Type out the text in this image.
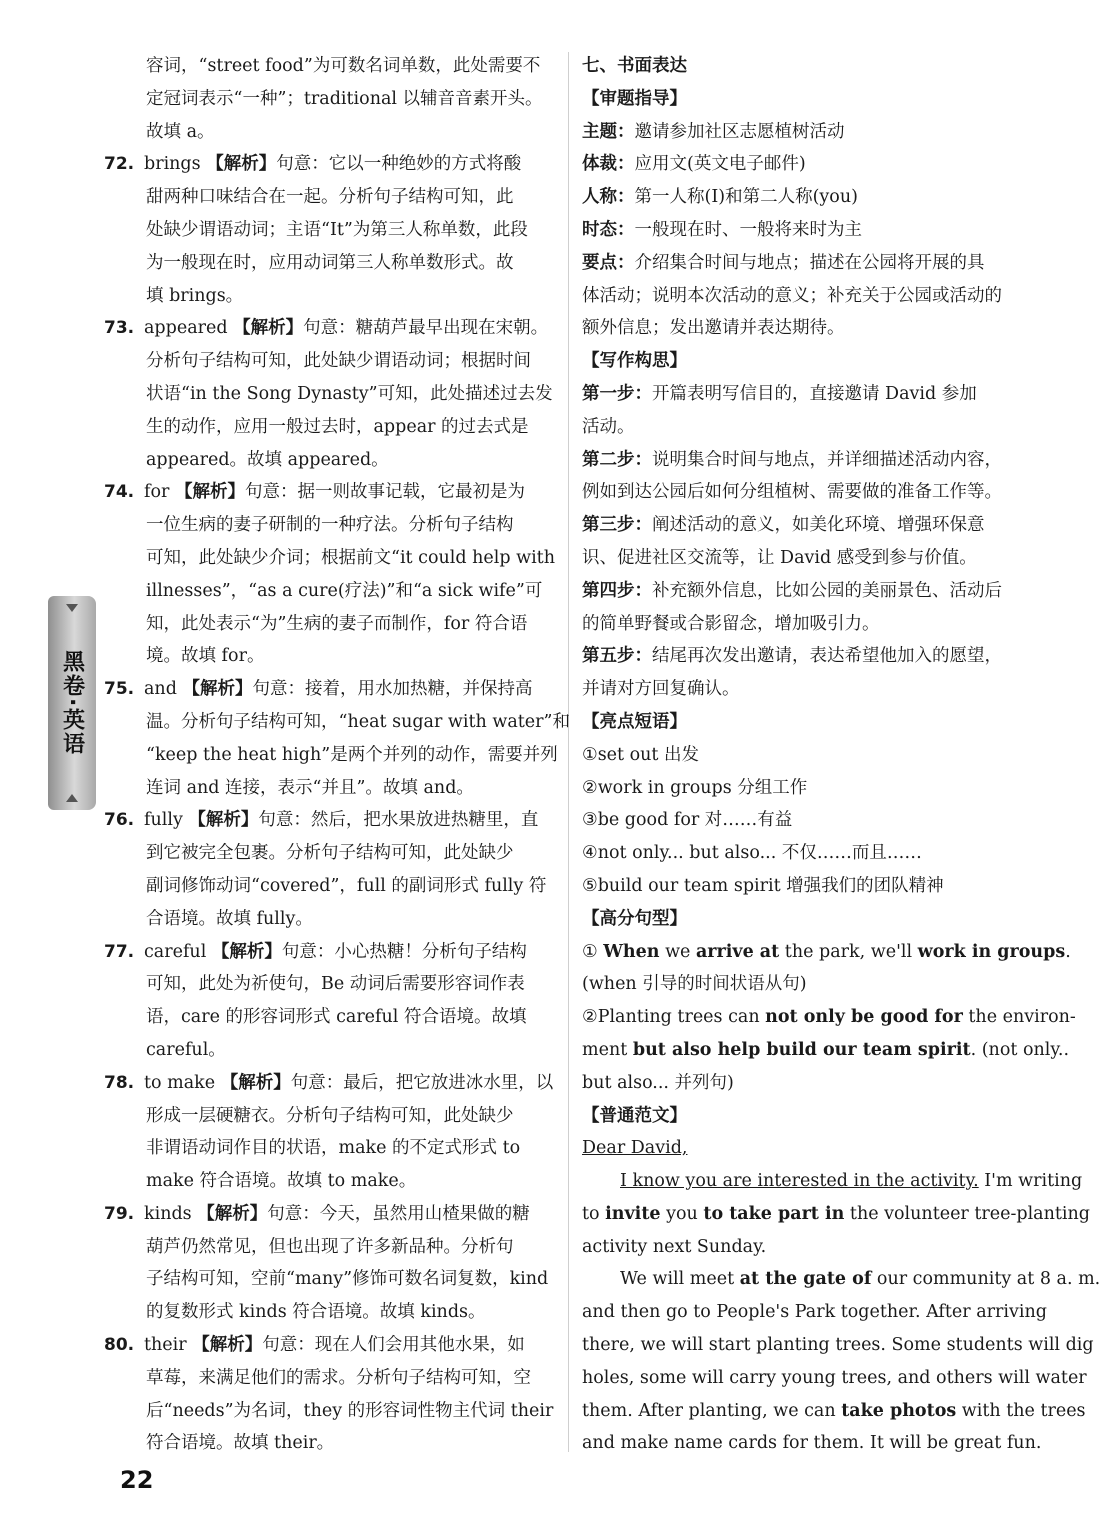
黑卷·英语
容词，“street food”为可数名词单数，此处需要不
定冠词表示“一种”；traditional 以辅音音素开头。
故填 a。
72. brings 【解析】句意：它以一种绝妙的方式将酸
甜两种口味结合在一起。分析句子结构可知，此
处缺少谓语动词；主语“It”为第三人称单数，此段
为一般现在时，应用动词第三人称单数形式。故
填 brings。
73. appeared 【解析】句意：糖葫芦最早出现在宋朝。
分析句子结构可知，此处缺少谓语动词；根据时间
状语“in the Song Dynasty”可知，此处描述过去发
生的动作，应用一般过去时，appear 的过去式是
appeared。故填 appeared。
74. for 【解析】句意：据一则故事记载，它最初是为
一位生病的妻子研制的一种疗法。分析句子结构
可知，此处缺少介词；根据前文“it could help with
illnesses”，“as a cure(疗法)”和“a sick wife”可
知，此处表示“为”生病的妻子而制作，for 符合语
境。故填 for。
75. and 【解析】句意：接着，用水加热糖，并保持高
温。分析句子结构可知，“heat sugar with water”和
“keep the heat high”是两个并列的动作，需要并列
连词 and 连接，表示“并且”。故填 and。
76. fully 【解析】句意：然后，把水果放进热糖里，直
到它被完全包裹。分析句子结构可知，此处缺少
副词修饰动词“covered”，full 的副词形式 fully 符
合语境。故填 fully。
77. careful 【解析】句意：小心热糖！分析句子结构
可知，此处为祈使句，Be 动词后需要形容词作表
语，care 的形容词形式 careful 符合语境。故填
careful。
78. to make 【解析】句意：最后，把它放进冰水里，以
形成一层硬糖衣。分析句子结构可知，此处缺少
非谓语动词作目的状语，make 的不定式形式 to
make 符合语境。故填 to make。
79. kinds 【解析】句意：今天，虽然用山楂果做的糖
葫芦仍然常见，但也出现了许多新品种。分析句
子结构可知，空前“many”修饰可数名词复数，kind
的复数形式 kinds 符合语境。故填 kinds。
80. their 【解析】句意：现在人们会用其他水果，如
草莓，来满足他们的需求。分析句子结构可知，空
后“needs”为名词，they 的形容词性物主代词 their
符合语境。故填 their。
七、书面表达
【审题指导】
主题：邀请参加社区志愿植树活动
体裁：应用文(英文电子邮件)
人称：第一人称(I)和第二人称(you)
时态：一般现在时、一般将来时为主
要点：介绍集合时间与地点；描述在公园将开展的具
体活动；说明本次活动的意义；补充关于公园或活动的
额外信息；发出邀请并表达期待。
【写作构思】
第一步：开篇表明写信目的，直接邀请 David 参加
活动。
第二步：说明集合时间与地点，并详细描述活动内容，
例如到达公园后如何分组植树、需要做的准备工作等。
第三步：阐述活动的意义，如美化环境、增强环保意
识、促进社区交流等，让 David 感受到参与价值。
第四步：补充额外信息，比如公园的美丽景色、活动后
的简单野餐或合影留念，增加吸引力。
第五步：结尾再次发出邀请，表达希望他加入的愿望，
并请对方回复确认。
【亮点短语】
①set out 出发
②work in groups 分组工作
③be good for 对……有益
④not only... but also... 不仅……而且……
⑤build our team spirit 增强我们的团队精神
【高分句型】
① When we arrive at the park, we'll work in groups.
(when 引导的时间状语从句)
②Planting trees can not only be good for the environ-
ment but also help build our team spirit. (not only..
but also... 并列句)
【普通范文】
Dear David,
I know you are interested in the activity. I'm writing
to invite you to take part in the volunteer tree-planting
activity next Sunday.
We will meet at the gate of our community at 8 a. m.
and then go to People's Park together. After arriving
there, we will start planting trees. Some students will dig
holes, some will carry young trees, and others will water
them. After planting, we can take photos with the trees
and make name cards for them. It will be great fun.
22
